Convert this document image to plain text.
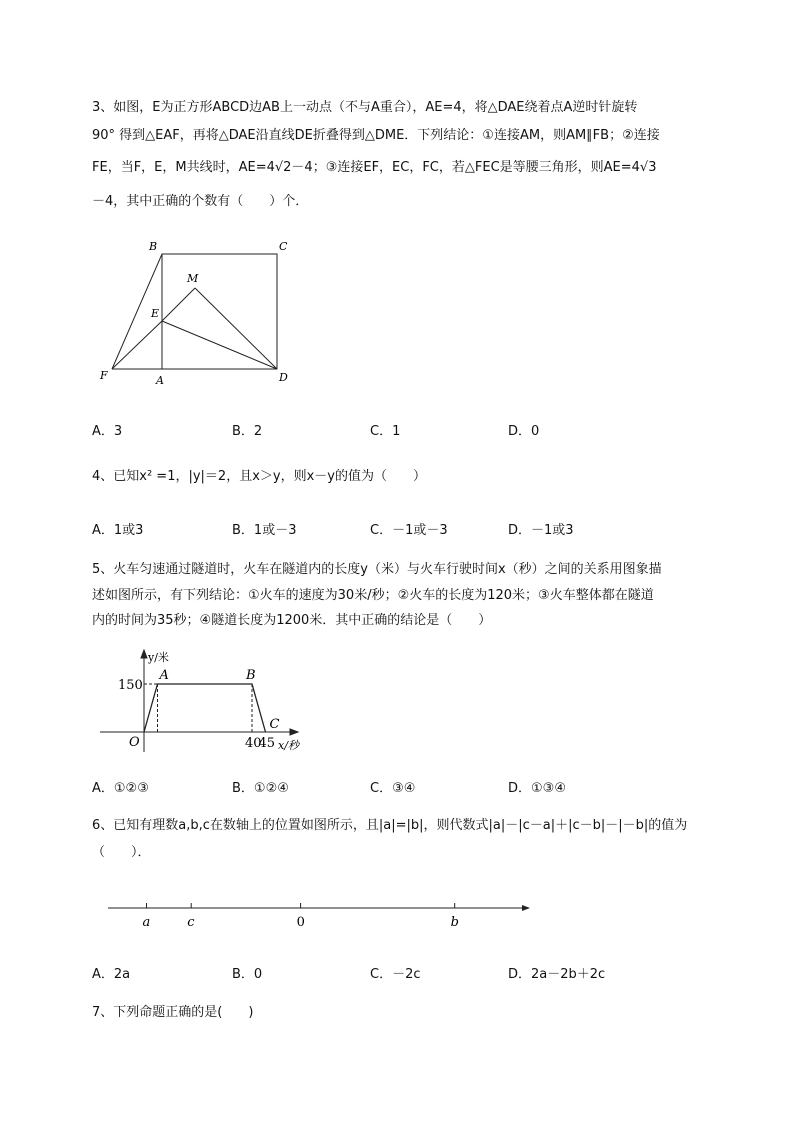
3、如图，E为正方形ABCD边AB上一动点（不与A重合），AE=4，将△DAE绕着点A逆时针旋转
90° 得到△EAF，再将△DAE沿直线DE折叠得到△DME．下列结论：①连接AM，则AM∥FB；②连接
FE，当F，E，M共线时，AE=4√2－4；③连接EF，EC，FC，若△FEC是等腰三角形，则AE=4√3
－4，其中正确的个数有（　　）个．
B	C
M
E
F	A	D
A．3	B．2	C．1	D．0
4、已知x² =1，|y|＝2，且x＞y，则x－y的值为（　　）
A．1或3	B．1或－3	C．－1或－3	D．－1或3
5、火车匀速通过隧道时，火车在隧道内的长度y（米）与火车行驶时间x（秒）之间的关系用图象描
述如图所示，有下列结论：①火车的速度为30米/秒；②火车的长度为120米；③火车整体都在隧道
内的时间为35秒；④隧道长度为1200米．其中正确的结论是（　　）
y/米
x/秒
O
A	B
C
40
45
150
A．①②③	B．①②④	C．③④	D．①③④
6、已知有理数a,b,c在数轴上的位置如图所示，且|a|=|b|，则代数式|a|－|c－a|＋|c－b|－|－b|的值为
（　　）．
a	c	0	b
A．2a	B．0	C．－2c	D．2a－2b＋2c
7、下列命题正确的是(　　)
